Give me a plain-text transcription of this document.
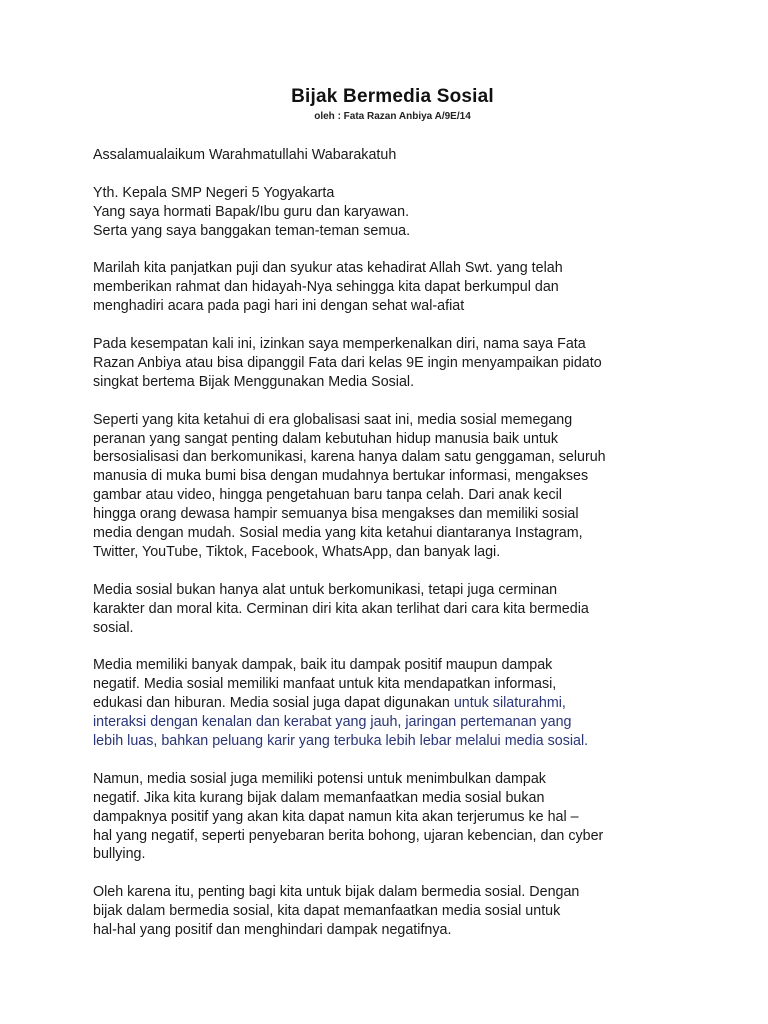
Bijak Bermedia Sosial
oleh : Fata Razan Anbiya A/9E/14
Assalamualaikum Warahmatullahi Wabarakatuh
Yth. Kepala SMP Negeri 5 Yogyakarta
Yang saya hormati Bapak/Ibu guru dan karyawan.
Serta yang saya banggakan teman-teman semua.
Marilah kita panjatkan puji dan syukur atas kehadirat Allah Swt. yang telah
memberikan rahmat dan hidayah-Nya sehingga kita dapat berkumpul dan
menghadiri acara pada pagi hari ini dengan sehat wal-afiat
Pada kesempatan kali ini, izinkan saya memperkenalkan diri, nama saya Fata
Razan Anbiya atau bisa dipanggil Fata dari kelas 9E ingin menyampaikan pidato
singkat bertema Bijak Menggunakan Media Sosial.
Seperti yang kita ketahui di era globalisasi saat ini, media sosial memegang
peranan yang sangat penting dalam kebutuhan hidup manusia baik untuk
bersosialisasi dan berkomunikasi, karena hanya dalam satu genggaman, seluruh
manusia di muka bumi bisa dengan mudahnya bertukar informasi, mengakses
gambar atau video, hingga pengetahuan baru tanpa celah. Dari anak kecil
hingga orang dewasa hampir semuanya bisa mengakses dan memiliki sosial
media dengan mudah. Sosial media yang kita ketahui diantaranya Instagram,
Twitter, YouTube, Tiktok, Facebook, WhatsApp, dan banyak lagi.
Media sosial bukan hanya alat untuk berkomunikasi, tetapi juga cerminan
karakter dan moral kita. Cerminan diri kita akan terlihat dari cara kita bermedia
sosial.
Media memiliki banyak dampak, baik itu dampak positif maupun dampak
negatif. Media sosial memiliki manfaat untuk kita mendapatkan informasi,
edukasi dan hiburan. Media sosial juga dapat digunakan untuk silaturahmi,
interaksi dengan kenalan dan kerabat yang jauh, jaringan pertemanan yang
lebih luas, bahkan peluang karir yang terbuka lebih lebar melalui media sosial.
Namun, media sosial juga memiliki potensi untuk menimbulkan dampak
negatif. Jika kita kurang bijak dalam memanfaatkan media sosial bukan
dampaknya positif yang akan kita dapat namun kita akan terjerumus ke hal –
hal yang negatif, seperti penyebaran berita bohong, ujaran kebencian, dan cyber
bullying.
Oleh karena itu, penting bagi kita untuk bijak dalam bermedia sosial. Dengan
bijak dalam bermedia sosial, kita dapat memanfaatkan media sosial untuk
hal-hal yang positif dan menghindari dampak negatifnya.
